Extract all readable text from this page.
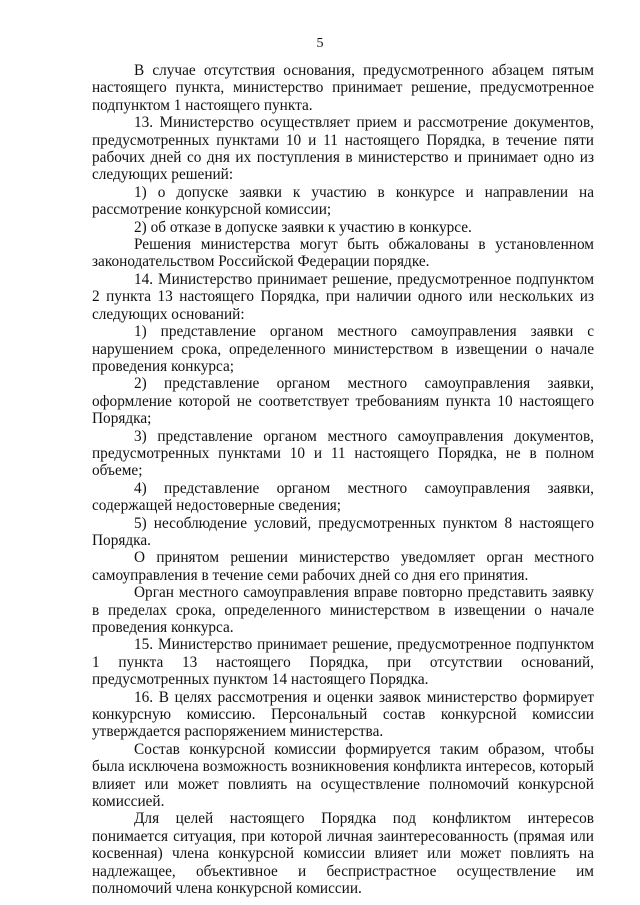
5

В случае отсутствия основания, предусмотренного абзацем пятым настоящего пункта, министерство принимает решение, предусмотренное подпунктом 1 настоящего пункта.

13. Министерство осуществляет прием и рассмотрение документов, предусмотренных пунктами 10 и 11 настоящего Порядка, в течение пяти рабочих дней со дня их поступления в министерство и принимает одно из следующих решений:

1) о допуске заявки к участию в конкурсе и направлении на рассмотрение конкурсной комиссии;

2) об отказе в допуске заявки к участию в конкурсе.

Решения министерства могут быть обжалованы в установленном законодательством Российской Федерации порядке.

14. Министерство принимает решение, предусмотренное подпунктом 2 пункта 13 настоящего Порядка, при наличии одного или нескольких из следующих оснований:

1) представление органом местного самоуправления заявки с нарушением срока, определенного министерством в извещении о начале проведения конкурса;

2) представление органом местного самоуправления заявки, оформление которой не соответствует требованиям пункта 10 настоящего Порядка;

3) представление органом местного самоуправления документов, предусмотренных пунктами 10 и 11 настоящего Порядка, не в полном объеме;

4) представление органом местного самоуправления заявки, содержащей недостоверные сведения;

5) несоблюдение условий, предусмотренных пунктом 8 настоящего Порядка.

О принятом решении министерство уведомляет орган местного самоуправления в течение семи рабочих дней со дня его принятия.

Орган местного самоуправления вправе повторно представить заявку в пределах срока, определенного министерством в извещении о начале проведения конкурса.

15. Министерство принимает решение, предусмотренное подпунктом 1 пункта 13 настоящего Порядка, при отсутствии оснований, предусмотренных пунктом 14 настоящего Порядка.

16. В целях рассмотрения и оценки заявок министерство формирует конкурсную комиссию. Персональный состав конкурсной комиссии утверждается распоряжением министерства.

Состав конкурсной комиссии формируется таким образом, чтобы была исключена возможность возникновения конфликта интересов, который влияет или может повлиять на осуществление полномочий конкурсной комиссией.

Для целей настоящего Порядка под конфликтом интересов понимается ситуация, при которой личная заинтересованность (прямая или косвенная) члена конкурсной комиссии влияет или может повлиять на надлежащее, объективное и беспристрастное осуществление им полномочий члена конкурсной комиссии.
